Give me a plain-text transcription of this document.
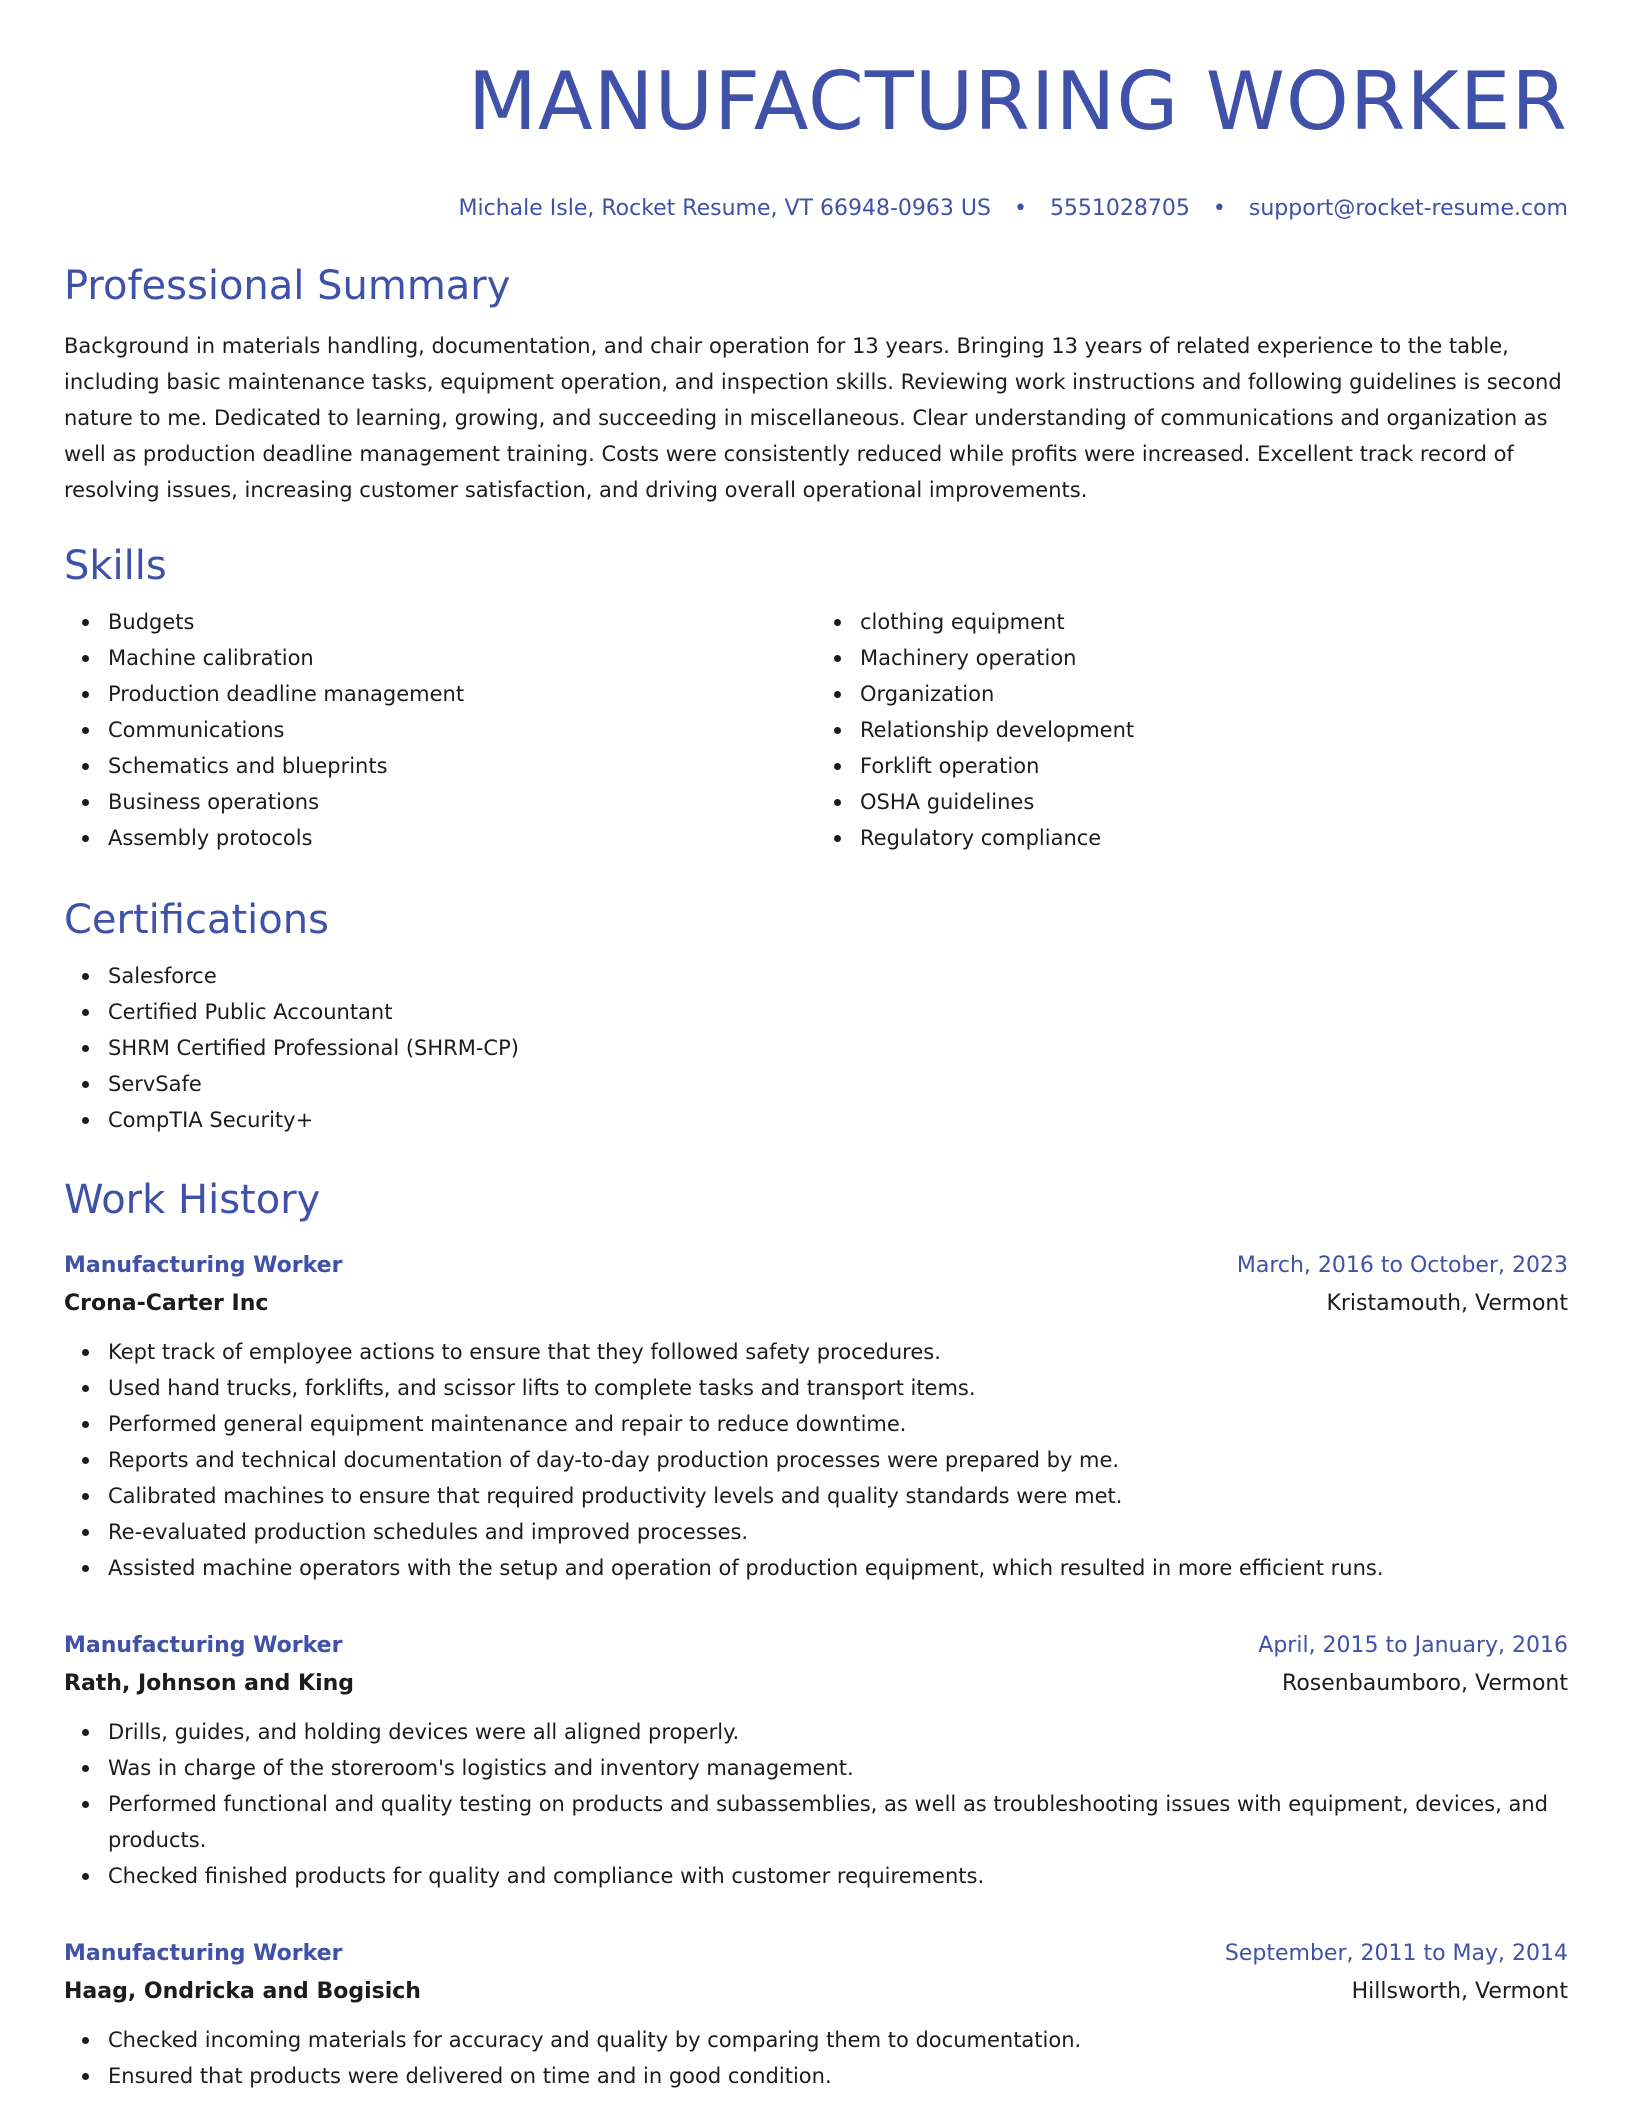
MANUFACTURING WORKER
Michale Isle, Rocket Resume, VT 66948-0963 US • 5551028705 • support@rocket-resume.com
Professional Summary

Background in materials handling, documentation, and chair operation for 13 years. Bringing 13 years of related experience to the table, including basic maintenance tasks, equipment operation, and inspection skills. Reviewing work instructions and following guidelines is second nature to me. Dedicated to learning, growing, and succeeding in miscellaneous. Clear understanding of communications and organization as well as production deadline management training. Costs were consistently reduced while profits were increased. Excellent track record of resolving issues, increasing customer satisfaction, and driving overall operational improvements.

Skills
Budgets
Machine calibration
Production deadline management
Communications
Schematics and blueprints
Business operations
Assembly protocols
clothing equipment
Machinery operation
Organization
Relationship development
Forklift operation
OSHA guidelines
Regulatory compliance
Certifications
Salesforce
Certified Public Accountant
SHRM Certified Professional (SHRM-CP)
ServSafe
CompTIA Security+
Work History
Manufacturing Worker	March, 2016 to October, 2023
Crona-Carter Inc	Kristamouth, Vermont
Kept track of employee actions to ensure that they followed safety procedures.
Used hand trucks, forklifts, and scissor lifts to complete tasks and transport items.
Performed general equipment maintenance and repair to reduce downtime.
Reports and technical documentation of day-to-day production processes were prepared by me.
Calibrated machines to ensure that required productivity levels and quality standards were met.
Re-evaluated production schedules and improved processes.
Assisted machine operators with the setup and operation of production equipment, which resulted in more efficient runs.
Manufacturing Worker	April, 2015 to January, 2016
Rath, Johnson and King	Rosenbaumboro, Vermont
Drills, guides, and holding devices were all aligned properly.
Was in charge of the storeroom's logistics and inventory management.
Performed functional and quality testing on products and subassemblies, as well as troubleshooting issues with equipment, devices, and products.
Checked finished products for quality and compliance with customer requirements.
Manufacturing Worker	September, 2011 to May, 2014
Haag, Ondricka and Bogisich	Hillsworth, Vermont
Checked incoming materials for accuracy and quality by comparing them to documentation.
Ensured that products were delivered on time and in good condition.
